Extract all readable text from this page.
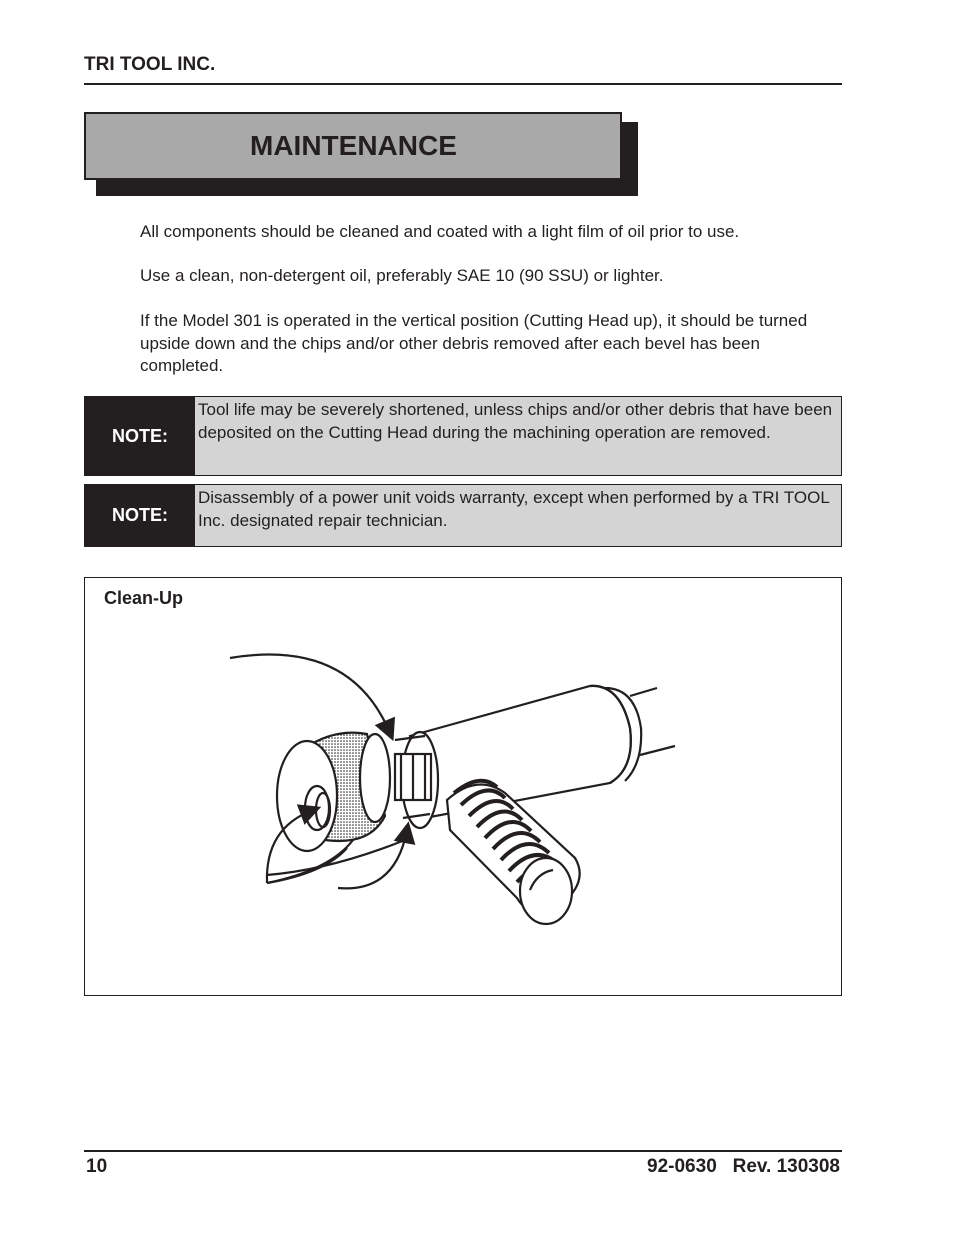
TRI TOOL INC.
MAINTENANCE
All components should be cleaned and coated with a light film of oil prior to use.
Use a clean, non-detergent oil, preferably SAE 10 (90 SSU) or lighter.
If the Model 301 is operated in the vertical position (Cutting Head up), it should be turned upside down and the chips and/or other debris removed after each bevel has been completed.
NOTE:
Tool life may be severely shortened, unless chips and/or other debris that have been deposited on the Cutting Head during the machining operation are removed.
NOTE:
Disassembly of a power unit voids warranty, except when performed by a TRI TOOL Inc. designated repair technician.
Clean-Up
10	92-0630   Rev. 130308
